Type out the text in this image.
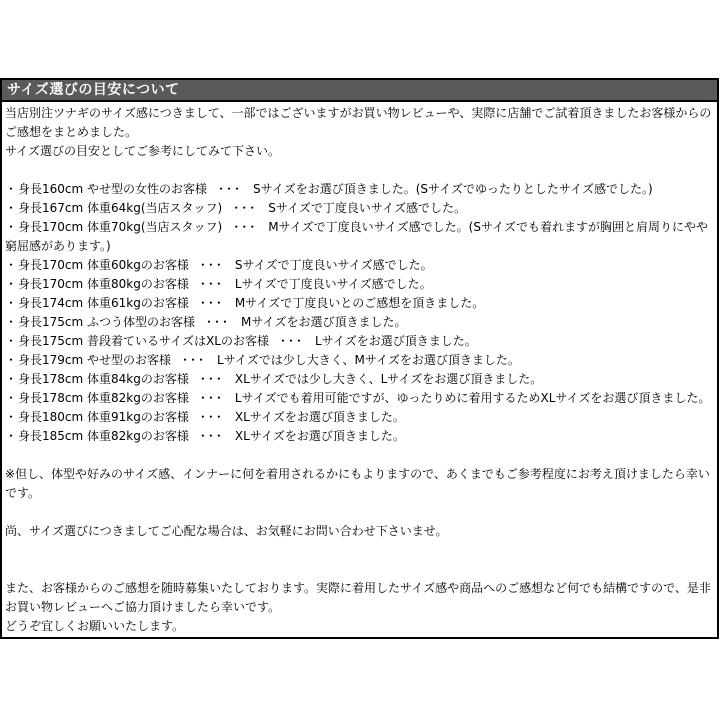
サイズ選びの目安について
当店別注ツナギのサイズ感につきまして、一部ではございますがお買い物レビューや、実際に店舗でご試着頂きましたお客様からのご感想をまとめました。
サイズ選びの目安としてご参考にしてみて下さい。
・身長160cm やせ型の女性のお客様 ･･･ Sサイズをお選び頂きました。(Sサイズでゆったりとしたサイズ感でした。)
・身長167cm 体重64kg(当店スタッフ) ･･･ Sサイズで丁度良いサイズ感でした。
・身長170cm 体重70kg(当店スタッフ) ･･･ Mサイズで丁度良いサイズ感でした。(Sサイズでも着れますが胸囲と肩周りにやや窮屈感があります。)
・身長170cm 体重60kgのお客様 ･･･ Sサイズで丁度良いサイズ感でした。
・身長170cm 体重80kgのお客様 ･･･ Lサイズで丁度良いサイズ感でした。
・身長174cm 体重61kgのお客様 ･･･ Mサイズで丁度良いとのご感想を頂きました。
・身長175cm ふつう体型のお客様 ･･･ Mサイズをお選び頂きました。
・身長175cm 普段着ているサイズはXLのお客様 ･･･ Lサイズをお選び頂きました。
・身長179cm やせ型のお客様 ･･･ Lサイズでは少し大きく、Mサイズをお選び頂きました。
・身長178cm 体重84kgのお客様 ･･･ XLサイズでは少し大きく、Lサイズをお選び頂きました。
・身長178cm 体重82kgのお客様 ･･･ Lサイズでも着用可能ですが、ゆったりめに着用するためXLサイズをお選び頂きました。
・身長180cm 体重91kgのお客様 ･･･ XLサイズをお選び頂きました。
・身長185cm 体重82kgのお客様 ･･･ XLサイズをお選び頂きました。
※但し、体型や好みのサイズ感、インナーに何を着用されるかにもよりますので、あくまでもご参考程度にお考え頂けましたら幸いです。
尚、サイズ選びにつきましてご心配な場合は、お気軽にお問い合わせ下さいませ。
また、お客様からのご感想を随時募集いたしております。実際に着用したサイズ感や商品へのご感想など何でも結構ですので、是非お買い物レビューへご協力頂けましたら幸いです。
どうぞ宜しくお願いいたします。
